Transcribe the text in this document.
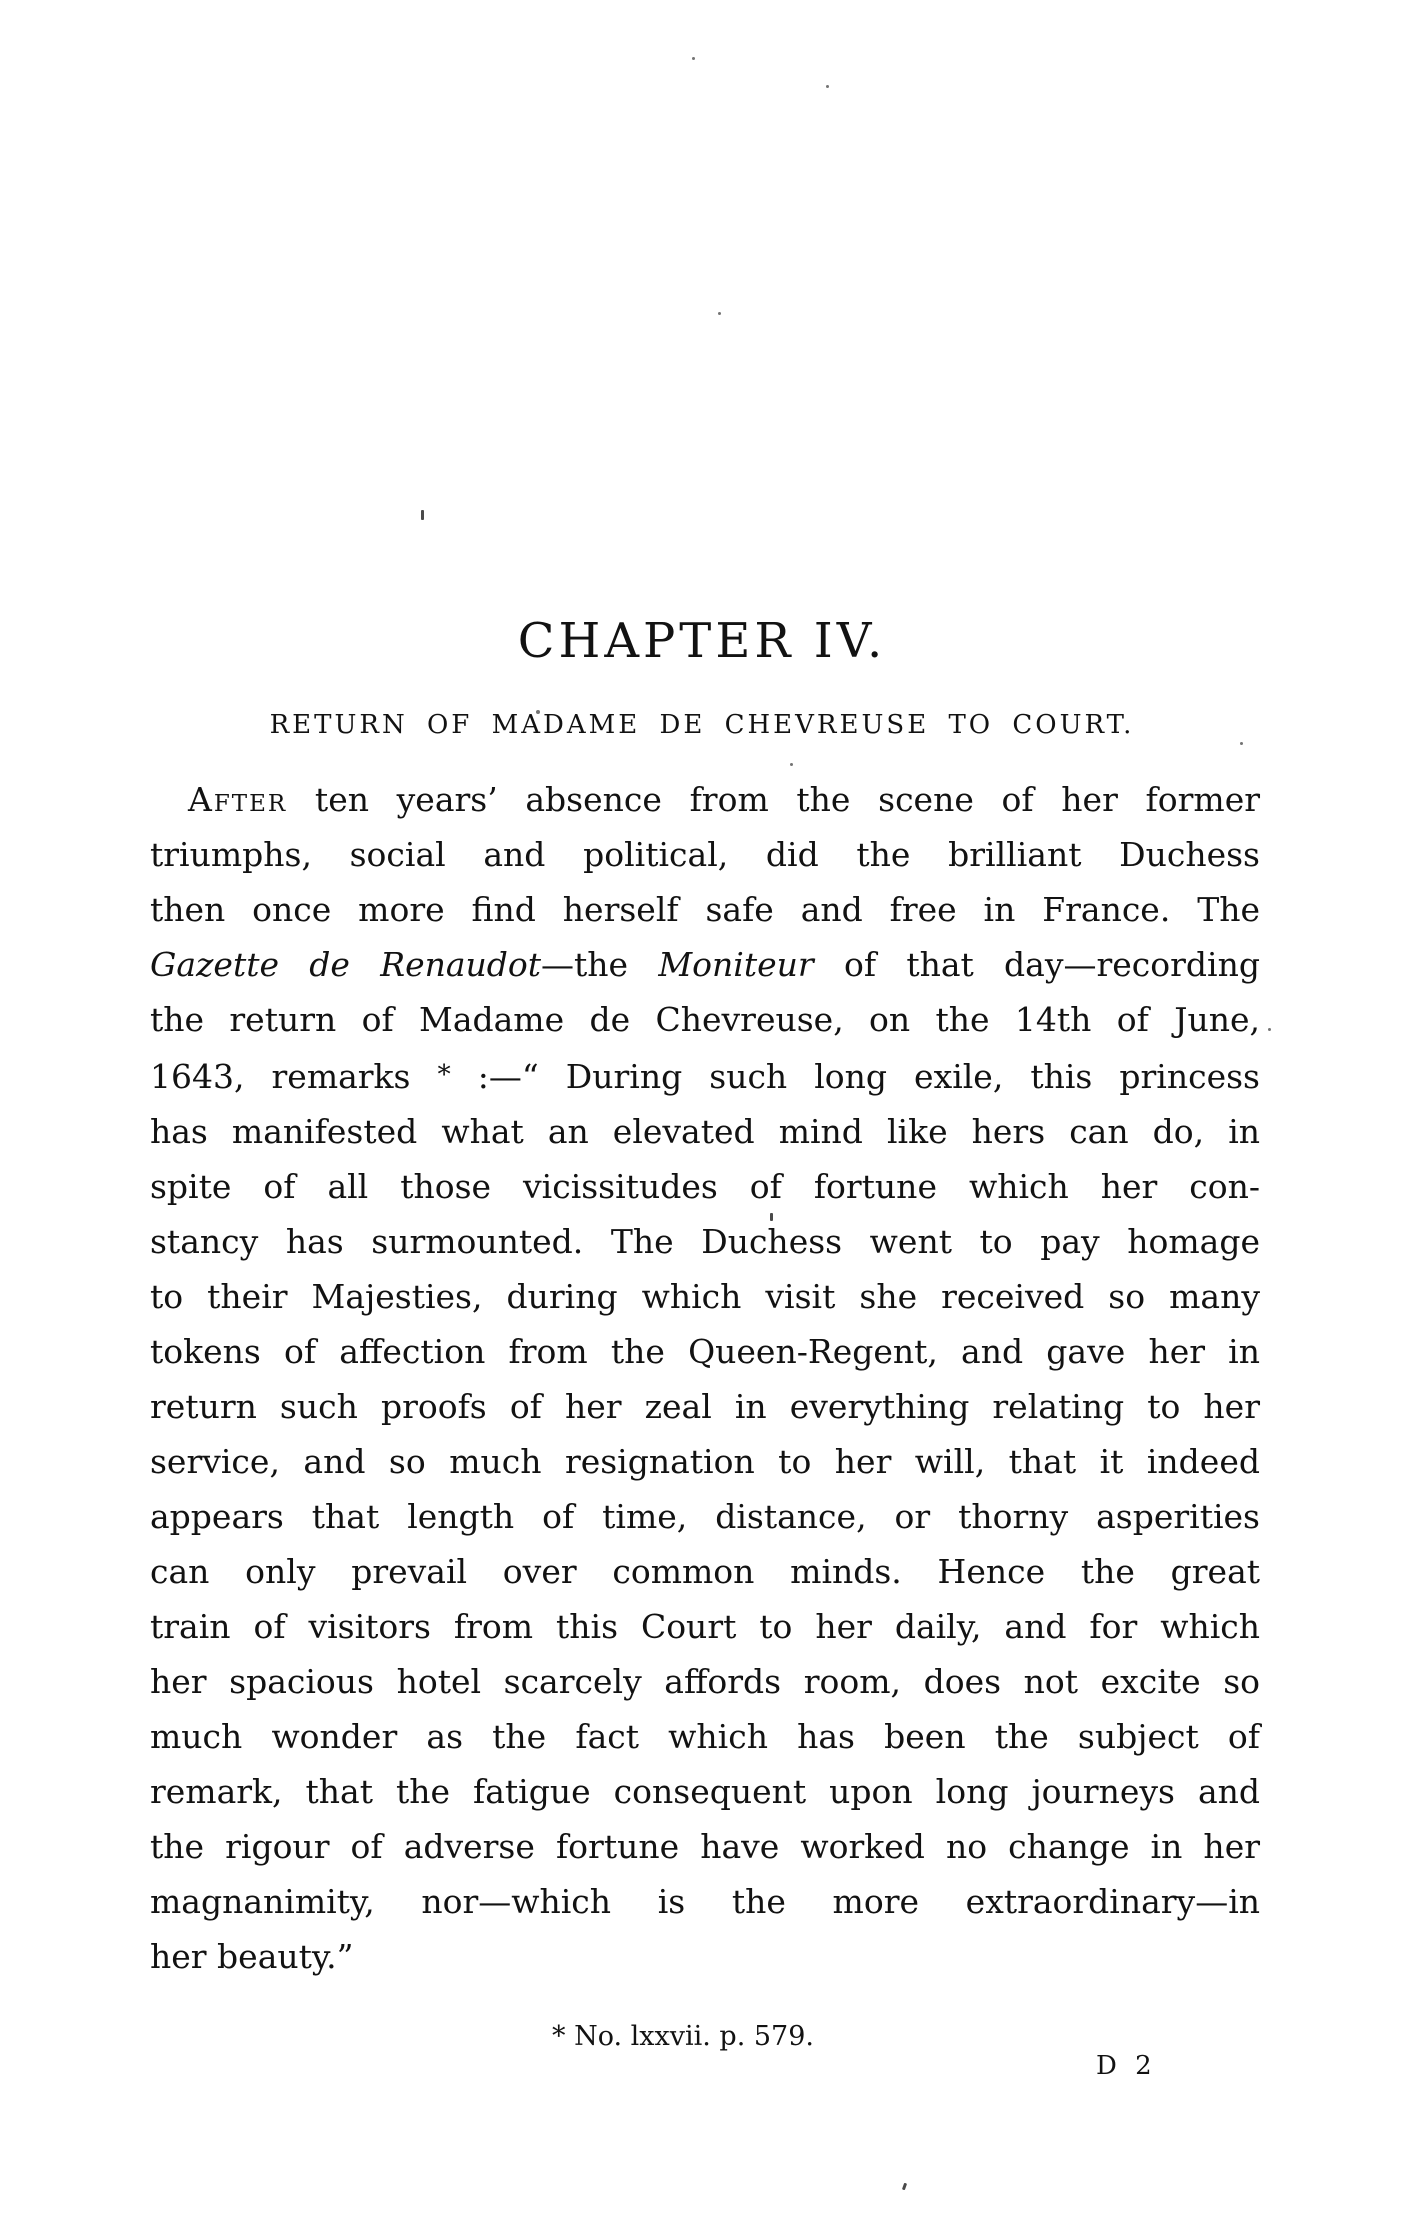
CHAPTER IV.
RETURN OF MADAME DE CHEVREUSE TO COURT.
After ten years’ absence from the scene of her former
triumphs, social and political, did the brilliant Duchess
then once more find herself safe and free in France. The
Gazette de Renaudot—the Moniteur of that day—recording
the return of Madame de Chevreuse, on the 14th of June,
1643, remarks * :—“ During such long exile, this princess
has manifested what an elevated mind like hers can do, in
spite of all those vicissitudes of fortune which her con-
stancy has surmounted. The Duchess went to pay homage
to their Majesties, during which visit she received so many
tokens of affection from the Queen-Regent, and gave her in
return such proofs of her zeal in everything relating to her
service, and so much resignation to her will, that it indeed
appears that length of time, distance, or thorny asperities
can only prevail over common minds. Hence the great
train of visitors from this Court to her daily, and for which
her spacious hotel scarcely affords room, does not excite so
much wonder as the fact which has been the subject of
remark, that the fatigue consequent upon long journeys and
the rigour of adverse fortune have worked no change in her
magnanimity, nor—which is the more extraordinary—in
her beauty.”
* No. lxxvii. p. 579.
D 2
